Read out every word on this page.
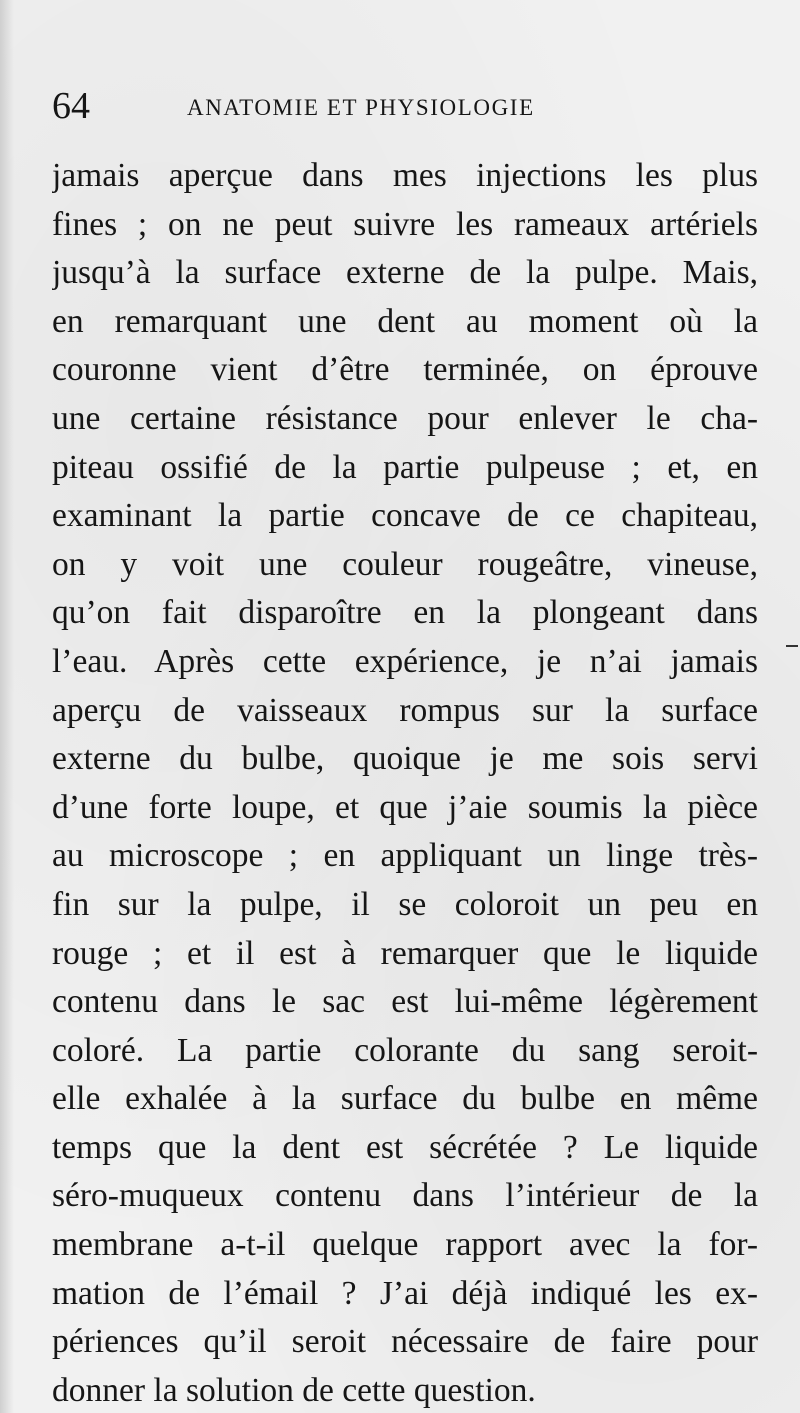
64	ANATOMIE ET PHYSIOLOGIE
jamais aperçue dans mes injections les plus
fines ; on ne peut suivre les rameaux artériels
jusqu’à la surface externe de la pulpe. Mais,
en remarquant une dent au moment où la
couronne vient d’être terminée, on éprouve
une certaine résistance pour enlever le cha-
piteau ossifié de la partie pulpeuse ; et, en
examinant la partie concave de ce chapiteau,
on y voit une couleur rougeâtre, vineuse,
qu’on fait disparoître en la plongeant dans
l’eau. Après cette expérience, je n’ai jamais
aperçu de vaisseaux rompus sur la surface
externe du bulbe, quoique je me sois servi
d’une forte loupe, et que j’aie soumis la pièce
au microscope ; en appliquant un linge très-
fin sur la pulpe, il se coloroit un peu en
rouge ; et il est à remarquer que le liquide
contenu dans le sac est lui-même légèrement
coloré. La partie colorante du sang seroit-
elle exhalée à la surface du bulbe en même
temps que la dent est sécrétée ? Le liquide
séro-muqueux contenu dans l’intérieur de la
membrane a-t-il quelque rapport avec la for-
mation de l’émail ? J’ai déjà indiqué les ex-
périences qu’il seroit nécessaire de faire pour
donner la solution de cette question.
